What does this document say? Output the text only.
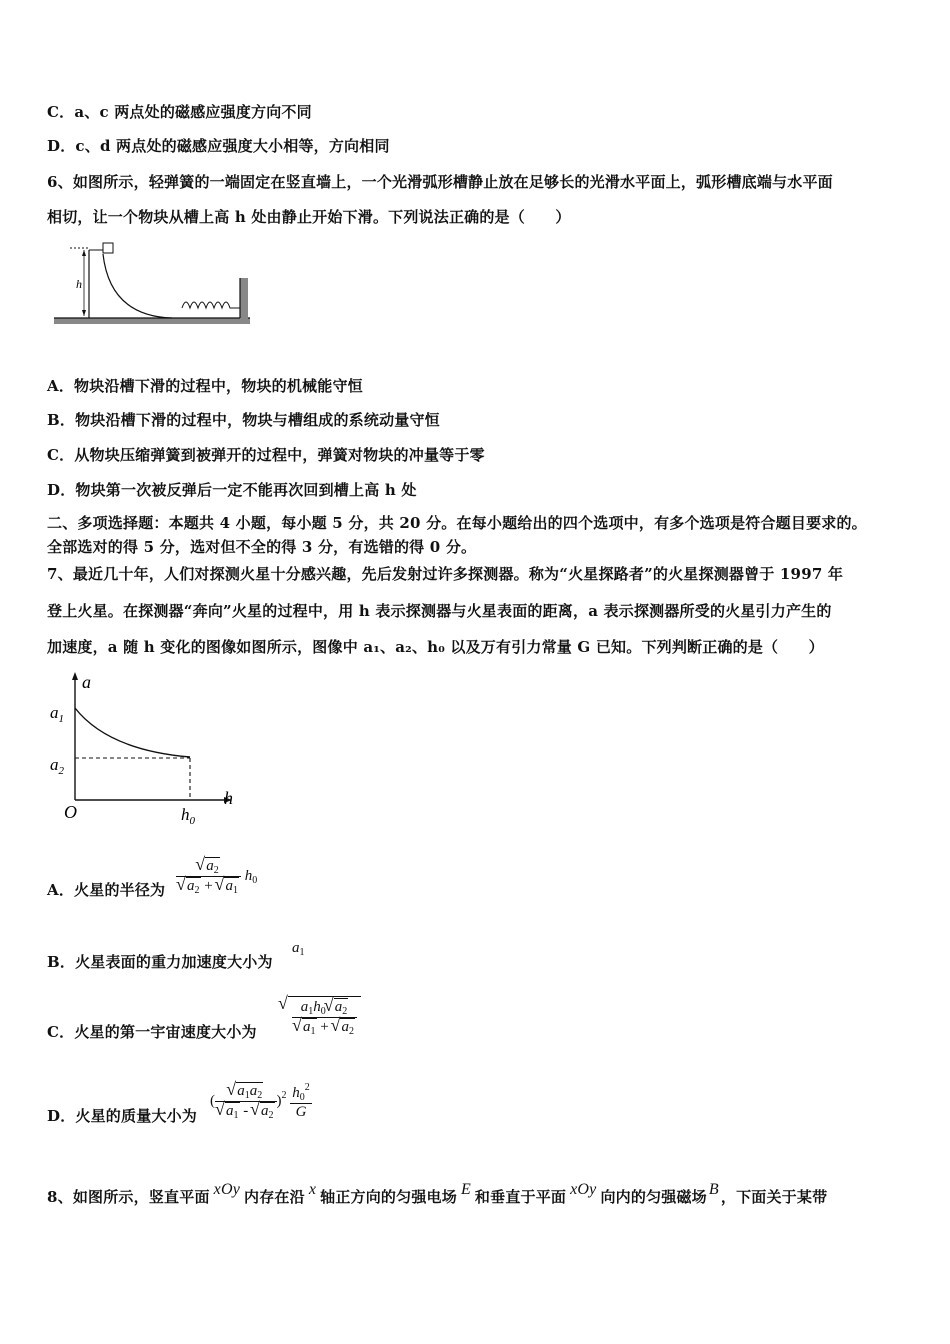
C．a、c 两点处的磁感应强度方向不同
D．c、d 两点处的磁感应强度大小相等，方向相同
6、如图所示，轻弹簧的一端固定在竖直墙上，一个光滑弧形槽静止放在足够长的光滑水平面上，弧形槽底端与水平面
相切，让一个物块从槽上高 h 处由静止开始下滑。下列说法正确的是（　　）
h
A．物块沿槽下滑的过程中，物块的机械能守恒
B．物块沿槽下滑的过程中，物块与槽组成的系统动量守恒
C．从物块压缩弹簧到被弹开的过程中，弹簧对物块的冲量等于零
D．物块第一次被反弹后一定不能再次回到槽上高 h 处
二、多项选择题：本题共 4 小题，每小题 5 分，共 20 分。在每小题给出的四个选项中，有多个选项是符合题目要求的。
全部选对的得 5 分，选对但不全的得 3 分，有选错的得 0 分。
7、最近几十年，人们对探测火星十分感兴趣，先后发射过许多探测器。称为“火星探路者”的火星探测器曾于 1997 年
登上火星。在探测器“奔向”火星的过程中，用 h 表示探测器与火星表面的距离，a 表示探测器所受的火星引力产生的
加速度，a 随 h 变化的图像如图所示，图像中 a₁、a₂、h₀ 以及万有引力常量 G 已知。下列判断正确的是（　　）
a
h
O
$a_1$
$a_2$
$h_0$
A．火星的半径为
√ $a_2$
√ $a_2$ + √ $a_1$ $h_0$
B．火星表面的重力加速度大小为
$a_1$
C．火星的第一宇宙速度大小为
√ $a_1h_0√$ $a_2$
√ $a_1$ + √ $a_2$
D．火星的质量大小为
(
√ $a_1a_2$
√ $a_1$ - √ $a_2$ )$^2 \frac{h_0^2}{G}$
8、如图所示，竖直平面 xOy 内存在沿 x 轴正方向的匀强电场 E 和垂直于平面 xOy 向内的匀强磁场 B ，下面关于某带
